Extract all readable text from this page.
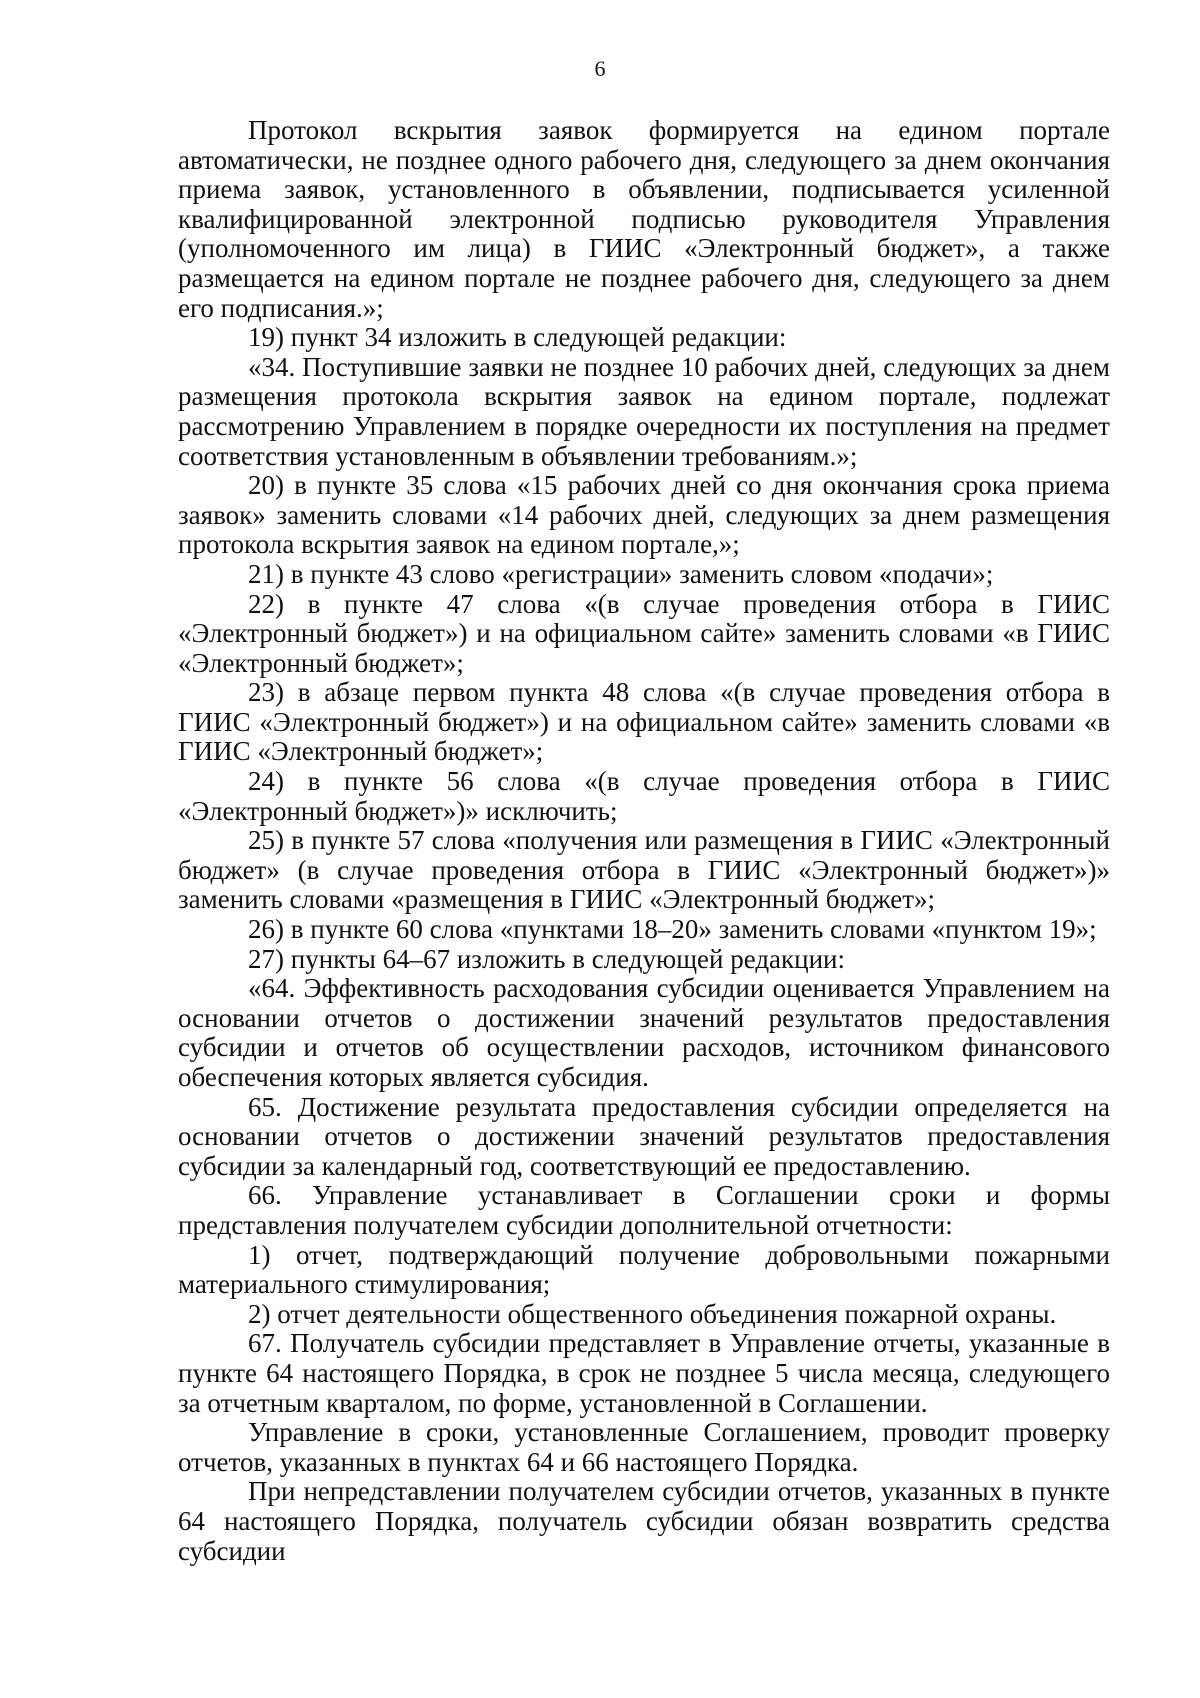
6

Протокол вскрытия заявок формируется на едином портале автоматически, не позднее одного рабочего дня, следующего за днем окончания приема заявок, установленного в объявлении, подписывается усиленной квалифицированной электронной подписью руководителя Управления (уполномоченного им лица) в ГИИС «Электронный бюджет», а также размещается на едином портале не позднее рабочего дня, следующего за днем его подписания.»;

19) пункт 34 изложить в следующей редакции:

«34. Поступившие заявки не позднее 10 рабочих дней, следующих за днем размещения протокола вскрытия заявок на едином портале, подлежат рассмотрению Управлением в порядке очередности их поступления на предмет соответствия установленным в объявлении требованиям.»;

20) в пункте 35 слова «15 рабочих дней со дня окончания срока приема заявок» заменить словами «14 рабочих дней, следующих за днем размещения протокола вскрытия заявок на едином портале,»;

21) в пункте 43 слово «регистрации» заменить словом «подачи»;

22) в пункте 47 слова «(в случае проведения отбора в ГИИС «Электронный бюджет») и на официальном сайте» заменить словами «в ГИИС «Электронный бюджет»;

23) в абзаце первом пункта 48 слова «(в случае проведения отбора в ГИИС «Электронный бюджет») и на официальном сайте» заменить словами «в ГИИС «Электронный бюджет»;

24) в пункте 56 слова «(в случае проведения отбора в ГИИС «Электронный бюджет»)» исключить;

25) в пункте 57 слова «получения или размещения в ГИИС «Электронный бюджет» (в случае проведения отбора в ГИИС «Электронный бюджет»)» заменить словами «размещения в ГИИС «Электронный бюджет»;

26) в пункте 60 слова «пунктами 18–20» заменить словами «пунктом 19»;

27) пункты 64–67 изложить в следующей редакции:

«64. Эффективность расходования субсидии оценивается Управлением на основании отчетов о достижении значений результатов предоставления субсидии и отчетов об осуществлении расходов, источником финансового обеспечения которых является субсидия.

65. Достижение результата предоставления субсидии определяется на основании отчетов о достижении значений результатов предоставления субсидии за календарный год, соответствующий ее предоставлению.

66. Управление устанавливает в Соглашении сроки и формы представления получателем субсидии дополнительной отчетности:

1) отчет, подтверждающий получение добровольными пожарными материального стимулирования;

2) отчет деятельности общественного объединения пожарной охраны.

67. Получатель субсидии представляет в Управление отчеты, указанные в пункте 64 настоящего Порядка, в срок не позднее 5 числа месяца, следующего за отчетным кварталом, по форме, установленной в Соглашении.

Управление в сроки, установленные Соглашением, проводит проверку отчетов, указанных в пунктах 64 и 66 настоящего Порядка.

При непредставлении получателем субсидии отчетов, указанных в пункте 64 настоящего Порядка, получатель субсидии обязан возвратить средства субсидии
